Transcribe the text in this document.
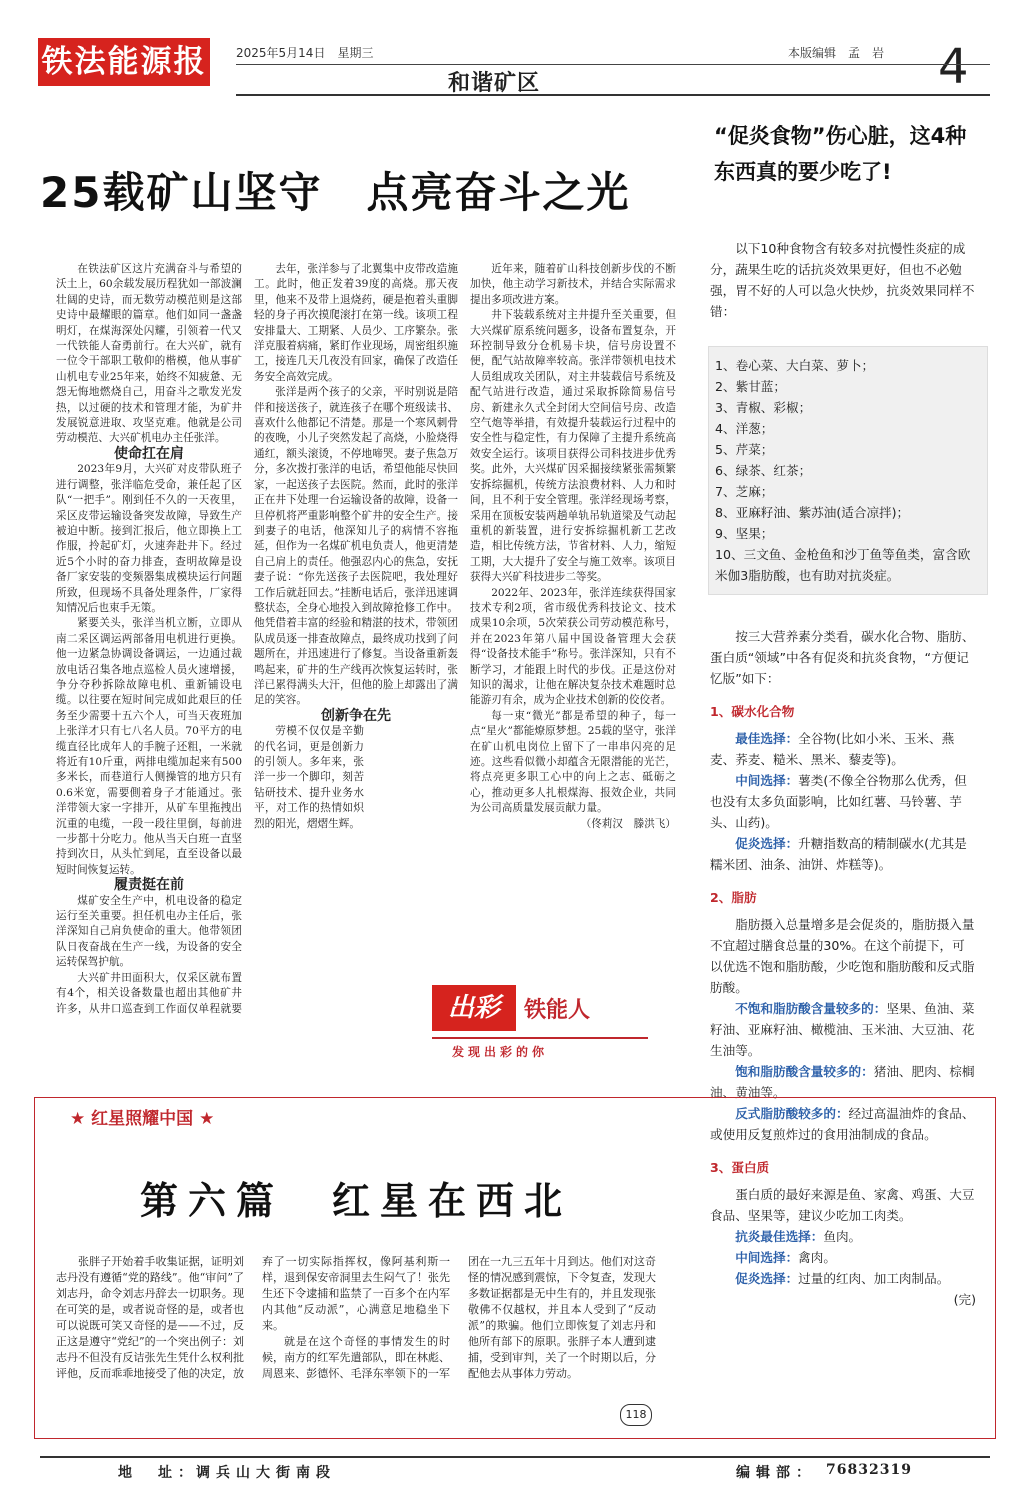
铁法能源报 2025年5月14日　星期三	本版编辑　孟　岩 4
和谐矿区
25载矿山坚守　点亮奋斗之光

在铁法矿区这片充满奋斗与希望的沃土上，60余载发展历程犹如一部波澜壮阔的史诗，而无数劳动模范则是这部史诗中最耀眼的篇章。他们如同一盏盏明灯，在煤海深处闪耀，引领着一代又一代铁能人奋勇前行。在大兴矿，就有一位令干部职工敬仰的楷模，他从事矿山机电专业25年来，始终不知疲惫、无怨无悔地燃烧自己，用奋斗之歌发光发热，以过硬的技术和管理才能，为矿井发展锐意进取、攻坚克难。他就是公司劳动模范、大兴矿机电办主任张洋。

使命扛在肩

2023年9月，大兴矿对皮带队班子进行调整，张洋临危受命，兼任起了区队“一把手”。刚到任不久的一天夜里，采区皮带运输设备突发故障，导致生产被迫中断。接到汇报后，他立即换上工作服，拎起矿灯，火速奔赴井下。经过近5个小时的奋力排查，查明故障是设备厂家安装的变频器集成模块运行问题所致，但现场不具备处理条件，厂家得知情况后也束手无策。

紧要关头，张洋当机立断，立即从南二采区调运两部备用电机进行更换。他一边紧急协调设备调运，一边通过裁放电话召集各地点巡检人员火速增援，争分夺秒拆除故障电机、重新铺设电缆。以往要在短时间完成如此艰巨的任务至少需要十五六个人，可当天夜班加上张洋才只有七八名人员。70平方的电缆直径比成年人的手腕子还粗，一米就将近有10斤重，两排电缆加起来有500多米长，而巷道行人侧操管的地方只有0.6米宽，需要側着身子才能通过。张洋带领大家一字排开，从矿车里拖拽出沉重的电缆，一段一段往里倒，每前进一步都十分吃力。他从当天白班一直坚持到次日，从头忙到尾，直至设备以最短时间恢复运转。

履责挺在前

煤矿安全生产中，机电设备的稳定运行至关重要。担任机电办主任后，张洋深知自己肩负使命的重大。他带领团队日夜奋战在生产一线，为设备的安全运转保驾护航。

大兴矿井田面积大，仅采区就布置有4个，相关设备数量也超出其他矿井许多，从井口巡查到工作面仅单程就要

去年，张洋参与了北翼集中皮带改造施工。此时，他正发着39度的高烧。那天夜里，他来不及带上退烧药，硬是抱着头重脚轻的身子再次摸爬滚打在第一线。该项工程安排量大、工期紧、人员少、工序繁杂。张洋克服着病痛，紧盯作业现场，周密组织施工，接连几天几夜没有回家，确保了改造任务安全高效完成。

张洋是两个孩子的父亲，平时别说是陪伴和接送孩子，就连孩子在哪个班级读书、喜欢什么他都记不清楚。那是一个寒风刺骨的夜晚，小儿子突然发起了高烧，小脸烧得通红，额头滚烫，不停地啼哭。妻子焦急万分，多次拨打张洋的电话，希望他能尽快回家，一起送孩子去医院。然而，此时的张洋正在井下处理一台运输设备的故障，设备一旦停机将严重影响整个矿井的安全生产。接到妻子的电话，他深知儿子的病情不容拖延，但作为一名煤矿机电负责人，他更清楚自己肩上的责任。他强忍内心的焦急，安抚妻子说：“你先送孩子去医院吧，我处理好工作后就赶回去。”挂断电话后，张洋迅速调整状态，全身心地投入到故障抢修工作中。他凭借着丰富的经验和精湛的技术，带领团队成员逐一排查故障点，最终成功找到了问题所在，并迅速进行了修复。当设备重新轰鸣起来，矿井的生产线再次恢复运转时，张洋已累得满头大汗，但他的脸上却露出了满足的笑容。

创新争在先

劳模不仅仅是辛勤的代名词，更是创新力的引领人。多年来，张洋一步一个脚印，刻苦钻研技术、提升业务水平，对工作的热情如炽烈的阳光，熠熠生辉。

近年来，随着矿山科技创新步伐的不断加快，他主动学习新技术，并结合实际需求提出多项改进方案。

井下装载系统对主井提升至关重要，但大兴煤矿原系统问题多，设备布置复杂，开环控制导致分仓机易卡块，信号房设置不便，配气站故障率较高。张洋带领机电技术人员组成攻关团队，对主井装载信号系统及配气站进行改造，通过采取拆除简易信号房、新建永久式全封闭大空间信号房、改造空气炮等举措，有效提升装载运行过程中的安全性与稳定性，有力保障了主提升系统高效安全运行。该项目获得公司科技进步优秀奖。此外，大兴煤矿因采掘接续紧张需频繁安拆综掘机，传统方法浪费材料、人力和时间，且不利于安全管理。张洋经现场考察，采用在顶板安装两趟单轨吊轨道梁及气动起重机的新装置，进行安拆综掘机新工艺改造，相比传统方法，节省材料、人力，缩短工期，大大提升了安全与施工效率。该项目获得大兴矿科技进步二等奖。

2022年、2023年，张洋连续获得国家技术专利2项，省市级优秀科技论文、技术成果10余项，5次荣获公司劳动模范称号，并在2023年第八届中国设备管理大会获得“设备技术能手”称号。张洋深知，只有不断学习，才能跟上时代的步伐。正是这份对知识的渴求，让他在解决复杂技术难题时总能游刃有余，成为企业技术创新的佼佼者。

每一束“微光”都是希望的种子，每一点“星火”都能燎原梦想。25载的坚守，张洋在矿山机电岗位上留下了一串串闪亮的足迹。这些看似微小却蕴含无限潜能的光芒，将点亮更多职工心中的向上之志、砥砺之心，推动更多人扎根煤海、报效企业，共同为公司高质量发展贡献力量。

（佟莉汉　滕洪飞）

出彩	铁能人
发现出彩的你
“促炎食物”伤心脏，这4种东西真的要少吃了!

以下10种食物含有较多对抗慢性炎症的成分，蔬果生吃的话抗炎效果更好，但也不必勉强，胃不好的人可以急火快炒，抗炎效果同样不错：

1、卷心菜、大白菜、萝卜；
2、紫甘蓝；
3、青椒、彩椒；
4、洋葱；
5、芹菜；
6、绿茶、红茶；
7、芝麻；
8、亚麻籽油、紫苏油(适合凉拌)；
9、坚果；
10、三文鱼、金枪鱼和沙丁鱼等鱼类，富含欧米伽3脂肪酸，也有助对抗炎症。

按三大营养素分类看，碳水化合物、脂肪、蛋白质“领域”中各有促炎和抗炎食物，“方便记忆版”如下：

1、碳水化合物

最佳选择：全谷物(比如小米、玉米、燕麦、荞麦、糙米、黑米、藜麦等)。

中间选择：薯类(不像全谷物那么优秀，但也没有太多负面影响，比如红薯、马铃薯、芋头、山药)。

促炎选择：升糖指数高的精制碳水(尤其是糯米团、油条、油饼、炸糕等)。

2、脂肪

脂肪摄入总量增多是会促炎的，脂肪摄入量不宜超过膳食总量的30%。在这个前提下，可以优选不饱和脂肪酸，少吃饱和脂肪酸和反式脂肪酸。

不饱和脂肪酸含量较多的：坚果、鱼油、菜籽油、亚麻籽油、橄榄油、玉米油、大豆油、花生油等。

饱和脂肪酸含量较多的：猪油、肥肉、棕榈油、黄油等。

反式脂肪酸较多的：经过高温油炸的食品、或使用反复煎炸过的食用油制成的食品。

3、蛋白质

蛋白质的最好来源是鱼、家禽、鸡蛋、大豆食品、坚果等，建议少吃加工肉类。

抗炎最佳选择：鱼肉。

中间选择：禽肉。

促炎选择：过量的红肉、加工肉制品。

(完)
★ 红星照耀中国 ★
第六篇　红星在西北

张胖子开始着手收集证据，证明刘志丹没有遵循“党的路线”。他“审问”了刘志丹，命令刘志丹辞去一切职务。现在可笑的是，或者说奇怪的是，或者也可以说既可笑又奇怪的是——不过，反正这是遵守“党纪”的一个突出例子：刘志丹不但没有反诘张先生凭什么权利批评他，反而乖乖地接受了他的决定，放弃了一切实际指挥权，像阿基利斯一样，退到保安帝洞里去生闷气了！张先生还下令逮捕和监禁了一百多个在内军内其他“反动派”，心满意足地稳坐下来。

就是在这个奇怪的事情发生的时候，南方的红军先遣部队，即在林彪、周恩来、彭德怀、毛泽东率领下的一军团在一九三五年十月到达。他们对这奇怪的情况感到震惊，下令复查，发现大多数证据都是无中生有的，并且发现张敬佛不仅越权，并且本人受到了“反动派”的欺骗。他们立即恢复了刘志丹和他所有部下的原职。张胖子本人遭到逮捕，受到审判，关了一个时期以后，分配他去从事体力劳动。

118
地　址：
调兵山大街南段	编辑部： 76832319
